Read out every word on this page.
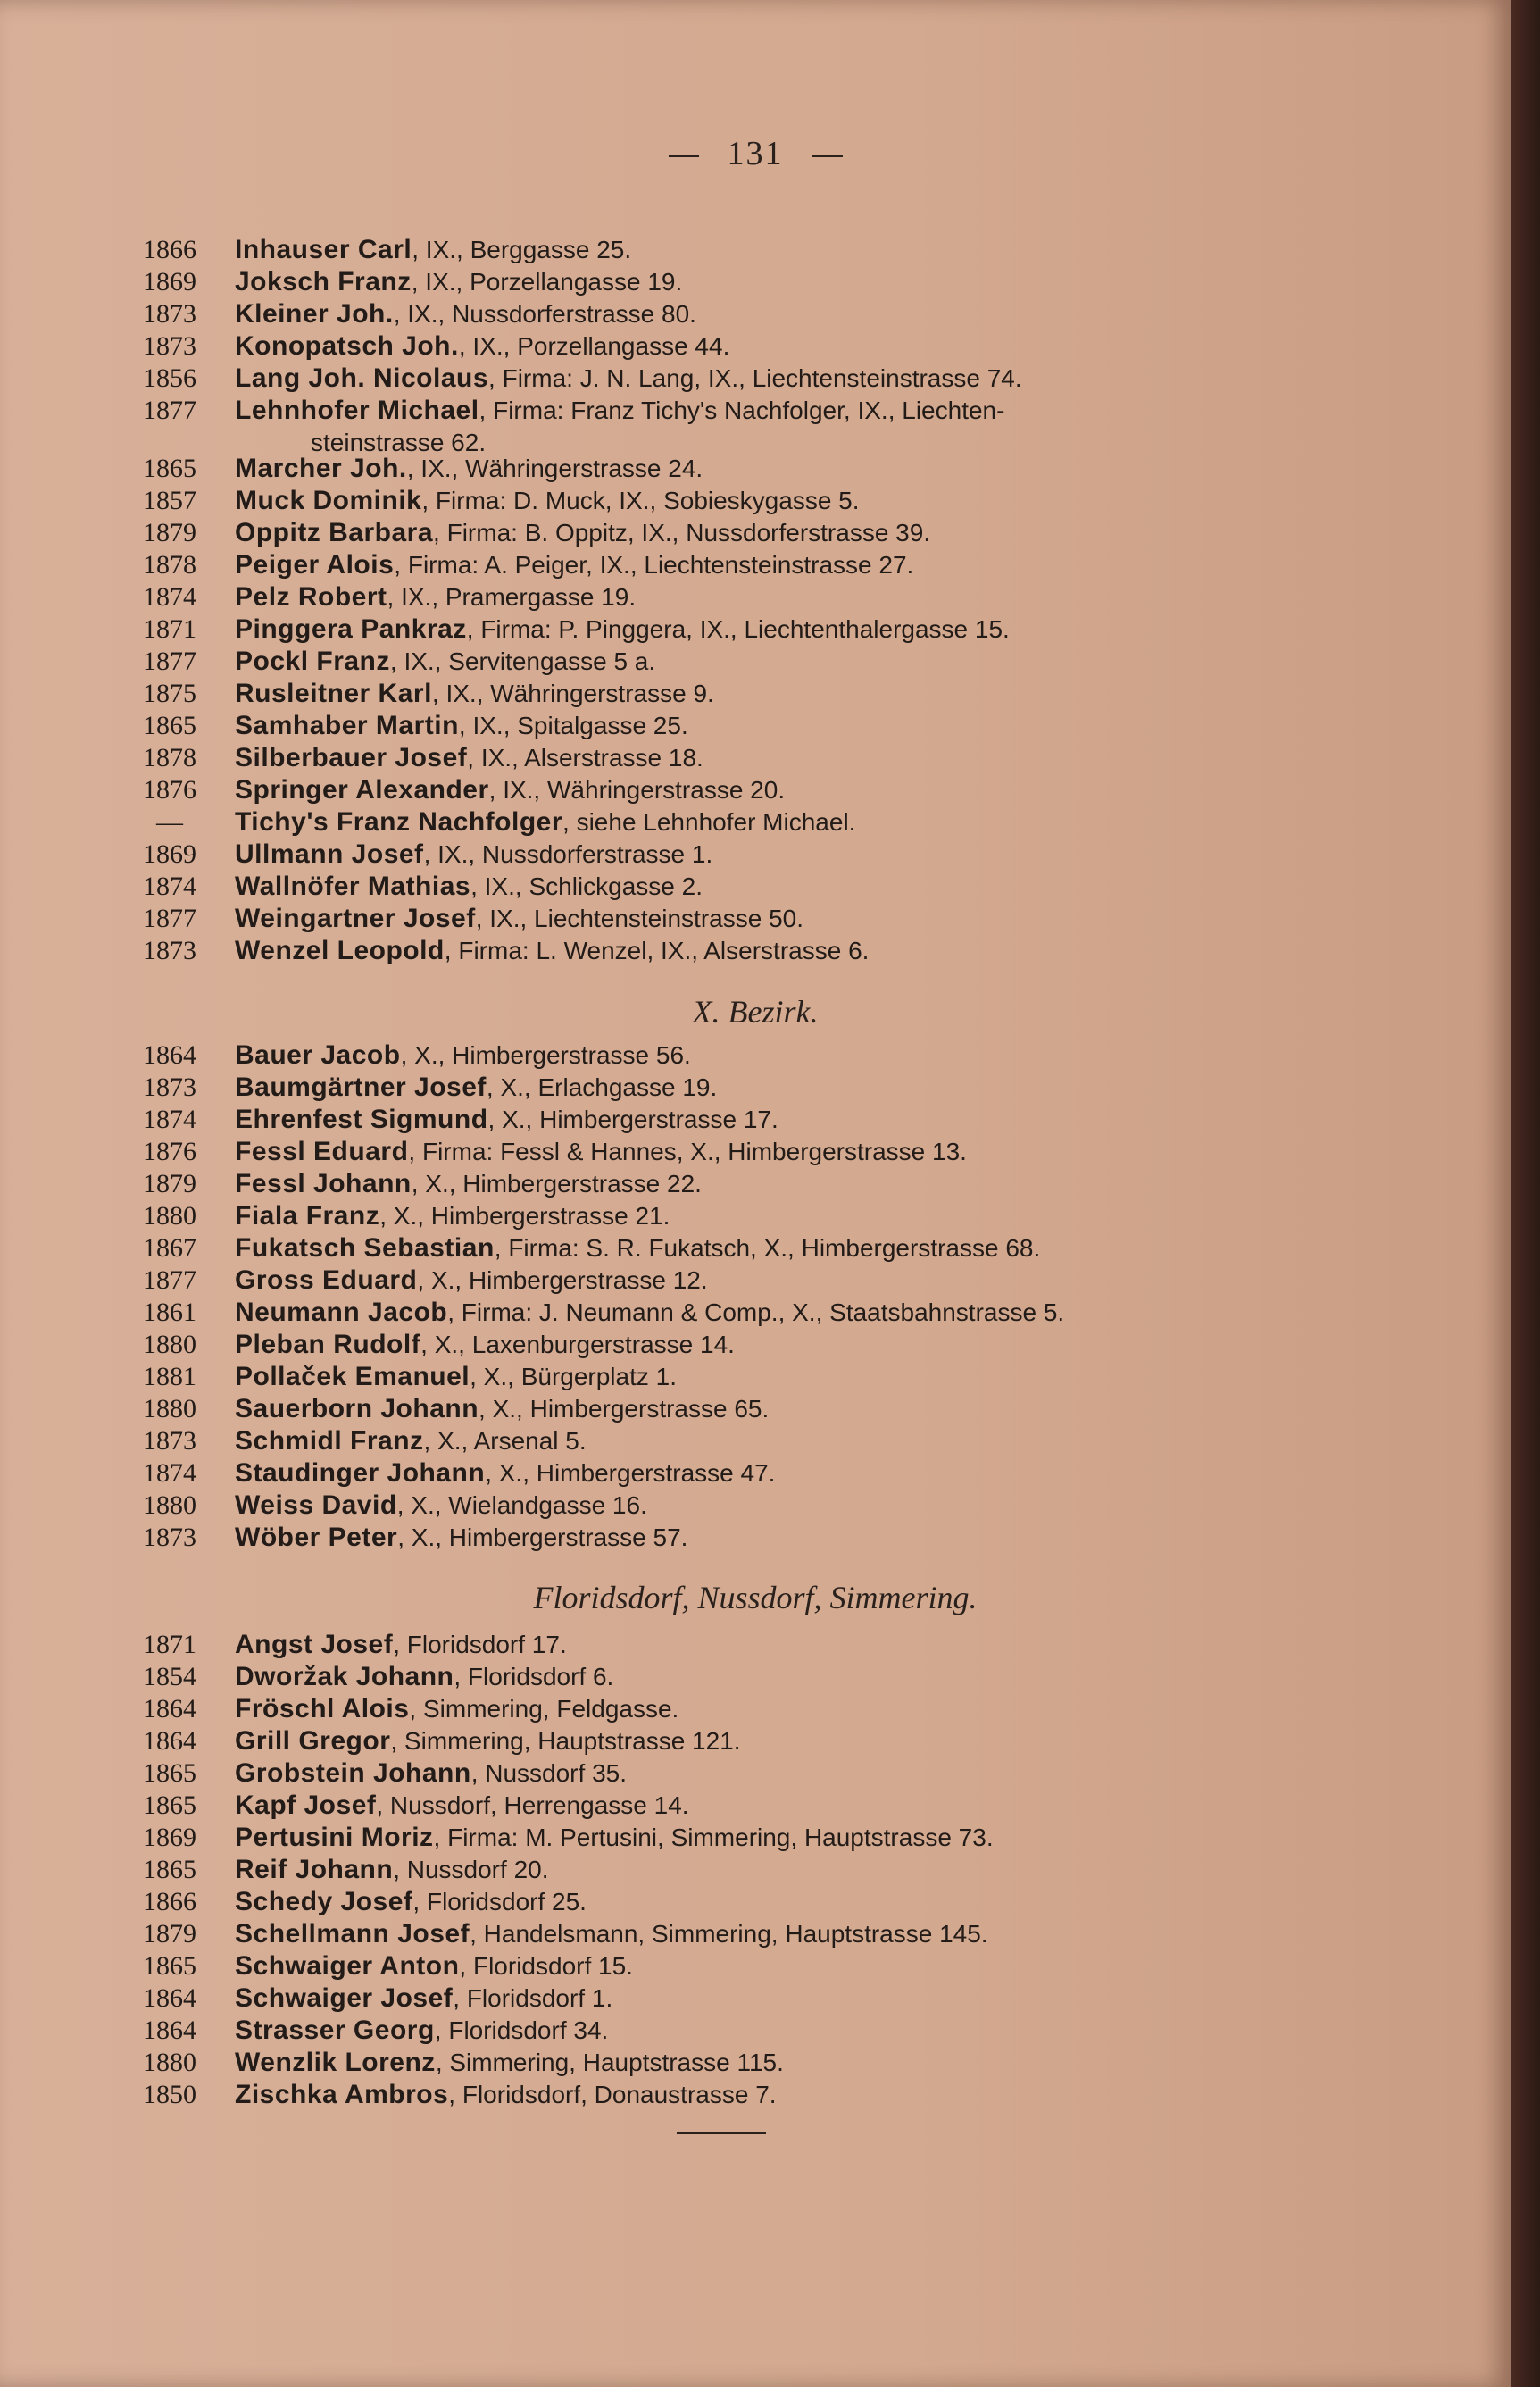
131
1866	Inhauser Carl, IX., Berggasse 25.
1869	Joksch Franz, IX., Porzellangasse 19.
1873	Kleiner Joh., IX., Nussdorferstrasse 80.
1873	Konopatsch Joh., IX., Porzellangasse 44.
1856	Lang Joh. Nicolaus, Firma: J. N. Lang, IX., Liechtensteinstrasse 74.
1877	Lehnhofer Michael, Firma: Franz Tichy's Nachfolger, IX., Liechten-
steinstrasse 62.
1865	Marcher Joh., IX., Währingerstrasse 24.
1857	Muck Dominik, Firma: D. Muck, IX., Sobieskygasse 5.
1879	Oppitz Barbara, Firma: B. Oppitz, IX., Nussdorferstrasse 39.
1878	Peiger Alois, Firma: A. Peiger, IX., Liechtensteinstrasse 27.
1874	Pelz Robert, IX., Pramergasse 19.
1871	Pinggera Pankraz, Firma: P. Pinggera, IX., Liechtenthalergasse 15.
1877	Pockl Franz, IX., Servitengasse 5 a.
1875	Rusleitner Karl, IX., Währingerstrasse 9.
1865	Samhaber Martin, IX., Spitalgasse 25.
1878	Silberbauer Josef, IX., Alserstrasse 18.
1876	Springer Alexander, IX., Währingerstrasse 20.
—	Tichy's Franz Nachfolger, siehe Lehnhofer Michael.
1869	Ullmann Josef, IX., Nussdorferstrasse 1.
1874	Wallnöfer Mathias, IX., Schlickgasse 2.
1877	Weingartner Josef, IX., Liechtensteinstrasse 50.
1873	Wenzel Leopold, Firma: L. Wenzel, IX., Alserstrasse 6.
X. Bezirk.
1864	Bauer Jacob, X., Himbergerstrasse 56.
1873	Baumgärtner Josef, X., Erlachgasse 19.
1874	Ehrenfest Sigmund, X., Himbergerstrasse 17.
1876	Fessl Eduard, Firma: Fessl & Hannes, X., Himbergerstrasse 13.
1879	Fessl Johann, X., Himbergerstrasse 22.
1880	Fiala Franz, X., Himbergerstrasse 21.
1867	Fukatsch Sebastian, Firma: S. R. Fukatsch, X., Himbergerstrasse 68.
1877	Gross Eduard, X., Himbergerstrasse 12.
1861	Neumann Jacob, Firma: J. Neumann & Comp., X., Staatsbahnstrasse 5.
1880	Pleban Rudolf, X., Laxenburgerstrasse 14.
1881	Pollaček Emanuel, X., Bürgerplatz 1.
1880	Sauerborn Johann, X., Himbergerstrasse 65.
1873	Schmidl Franz, X., Arsenal 5.
1874	Staudinger Johann, X., Himbergerstrasse 47.
1880	Weiss David, X., Wielandgasse 16.
1873	Wöber Peter, X., Himbergerstrasse 57.
Floridsdorf, Nussdorf, Simmering.
1871	Angst Josef, Floridsdorf 17.
1854	Dworžak Johann, Floridsdorf 6.
1864	Fröschl Alois, Simmering, Feldgasse.
1864	Grill Gregor, Simmering, Hauptstrasse 121.
1865	Grobstein Johann, Nussdorf 35.
1865	Kapf Josef, Nussdorf, Herrengasse 14.
1869	Pertusini Moriz, Firma: M. Pertusini, Simmering, Hauptstrasse 73.
1865	Reif Johann, Nussdorf 20.
1866	Schedy Josef, Floridsdorf 25.
1879	Schellmann Josef, Handelsmann, Simmering, Hauptstrasse 145.
1865	Schwaiger Anton, Floridsdorf 15.
1864	Schwaiger Josef, Floridsdorf 1.
1864	Strasser Georg, Floridsdorf 34.
1880	Wenzlik Lorenz, Simmering, Hauptstrasse 115.
1850	Zischka Ambros, Floridsdorf, Donaustrasse 7.
